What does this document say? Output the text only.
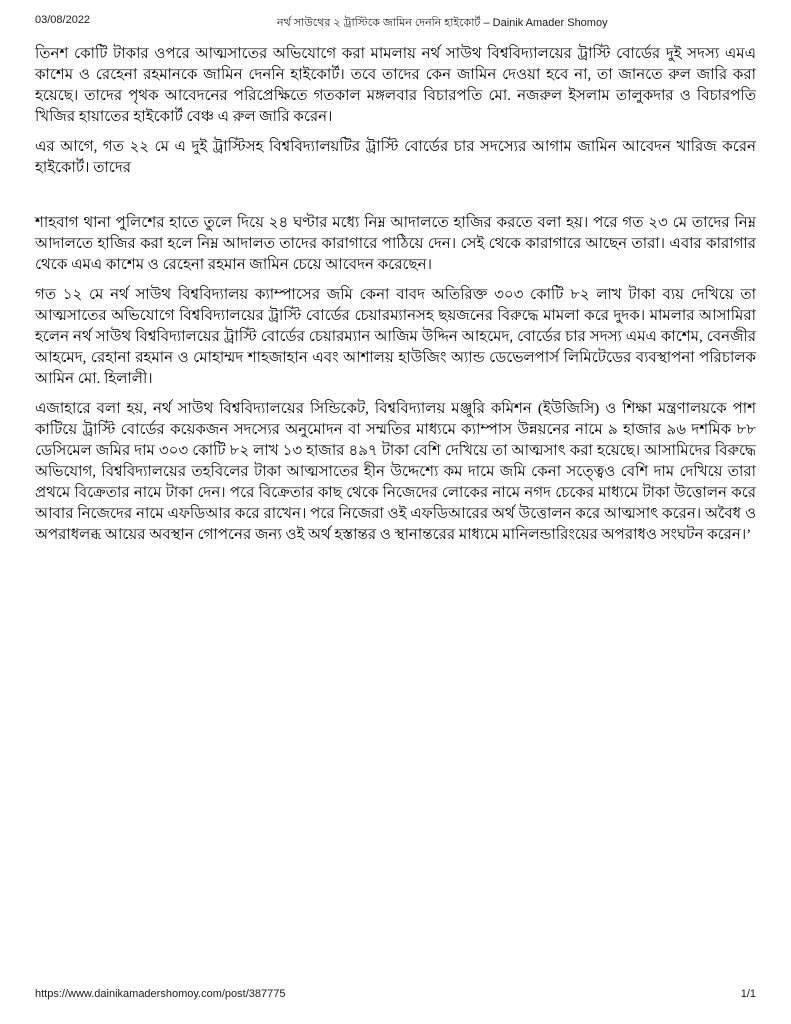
03/08/2022	নর্থ সাউথের ২ ট্রাস্টিকে জামিন দেননি হাইকোর্ট – Dainik Amader Shomoy

তিনশ কোটি টাকার ওপরে আত্মসাতের অভিযোগে করা মামলায় নর্থ সাউথ বিশ্ববিদ্যালয়ের ট্রাস্টি বোর্ডের দুই সদস্য এমএ কাশেম ও রেহেনা রহমানকে জামিন দেননি হাইকোর্ট। তবে তাদের কেন জামিন দেওয়া হবে না, তা জানতে রুল জারি করা হয়েছে। তাদের পৃথক আবেদনের পরিপ্রেক্ষিতে গতকাল মঙ্গলবার বিচারপতি মো. নজরুল ইসলাম তালুকদার ও বিচারপতি খিজির হায়াতের হাইকোর্ট বেঞ্চ এ রুল জারি করেন।

এর আগে, গত ২২ মে এ দুই ট্রাস্টিসহ বিশ্ববিদ্যালয়টির ট্রাস্টি বোর্ডের চার সদস্যের আগাম জামিন আবেদন খারিজ করেন হাইকোর্ট। তাদের

শাহবাগ থানা পুলিশের হাতে তুলে দিয়ে ২৪ ঘণ্টার মধ্যে নিম্ন আদালতে হাজির করতে বলা হয়। পরে গত ২৩ মে তাদের নিম্ন আদালতে হাজির করা হলে নিম্ন আদালত তাদের কারাগারে পাঠিয়ে দেন। সেই থেকে কারাগারে আছেন তারা। এবার কারাগার থেকে এমএ কাশেম ও রেহেনা রহমান জামিন চেয়ে আবেদন করেছেন।

গত ১২ মে নর্থ সাউথ বিশ্ববিদ্যালয় ক্যাম্পাসের জমি কেনা বাবদ অতিরিক্ত ৩০৩ কোটি ৮২ লাখ টাকা ব্যয় দেখিয়ে তা আত্মসাতের অভিযোগে বিশ্ববিদ্যালয়ের ট্রাস্টি বোর্ডের চেয়ারম্যানসহ ছয়জনের বিরুদ্ধে মামলা করে দুদক। মামলার আসামিরা হলেন নর্থ সাউথ বিশ্ববিদ্যালয়ের ট্রাস্টি বোর্ডের চেয়ারম্যান আজিম উদ্দিন আহমেদ, বোর্ডের চার সদস্য এমএ কাশেম, বেনজীর আহমেদ, রেহানা রহমান ও মোহাম্মদ শাহজাহান এবং আশালয় হাউজিং অ্যান্ড ডেভেলপার্স লিমিটেডের ব্যবস্থাপনা পরিচালক আমিন মো. হিলালী।

এজাহারে বলা হয়, নর্থ সাউথ বিশ্ববিদ্যালয়ের সিন্ডিকেট, বিশ্ববিদ্যালয় মঞ্জুরি কমিশন (ইউজিসি) ও শিক্ষা মন্ত্রণালয়কে পাশ কাটিয়ে ট্রাস্টি বোর্ডের কয়েকজন সদস্যের অনুমোদন বা সম্মতির মাধ্যমে ক্যাম্পাস উন্নয়নের নামে ৯ হাজার ৯৬ দশমিক ৮৮ ডেসিমেল জমির দাম ৩০৩ কোটি ৮২ লাখ ১৩ হাজার ৪৯৭ টাকা বেশি দেখিয়ে তা আত্মসাৎ করা হয়েছে। আসামিদের বিরুদ্ধে অভিযোগ, বিশ্ববিদ্যালয়ের তহবিলের টাকা আত্মসাতের হীন উদ্দেশ্যে কম দামে জমি কেনা সত্ত্বেও বেশি দাম দেখিয়ে তারা প্রথমে বিক্রেতার নামে টাকা দেন। পরে বিক্রেতার কাছ থেকে নিজেদের লোকের নামে নগদ চেকের মাধ্যমে টাকা উত্তোলন করে আবার নিজেদের নামে এফডিআর করে রাখেন। পরে নিজেরা ওই এফডিআরের অর্থ উত্তোলন করে আত্মসাৎ করেন। অবৈধ ও অপরাধলব্ধ আয়ের অবস্থান গোপনের জন্য ওই অর্থ হস্তান্তর ও স্থানান্তরের মাধ্যমে মানিলন্ডারিংয়ের অপরাধও সংঘটন করেন।’

https://www.dainikamadershomoy.com/post/387775	1/1
